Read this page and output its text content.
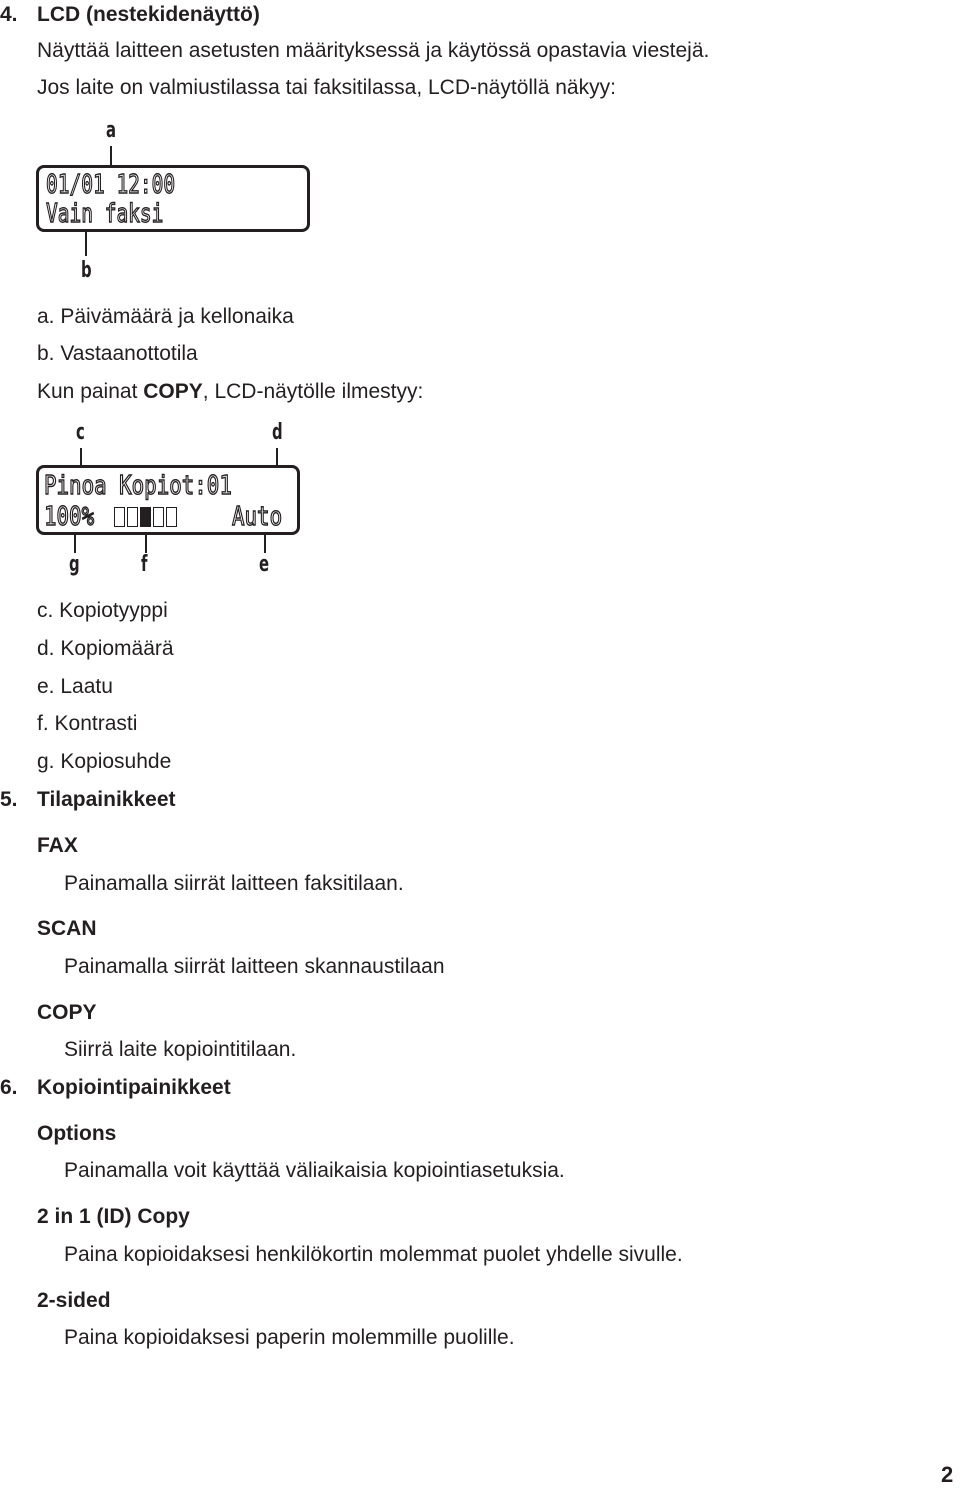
4. LCD (nestekidenäyttö)
Näyttää laitteen asetusten määrityksessä ja käytössä opastavia viestejä.
Jos laite on valmiustilassa tai faksitilassa, LCD-näytöllä näkyy:
a
01/01 12:00
Vain faksi
b
a. Päivämäärä ja kellonaika
b. Vastaanottotila
Kun painat COPY, LCD-näytölle ilmestyy:
c	d
Pinoa Kopiot:01
100%	Auto
g	f	e
c. Kopiotyyppi
d. Kopiomäärä
e. Laatu
f. Kontrasti
g. Kopiosuhde
5. Tilapainikkeet
FAX
Painamalla siirrät laitteen faksitilaan.
SCAN
Painamalla siirrät laitteen skannaustilaan
COPY
Siirrä laite kopiointitilaan.
6. Kopiointipainikkeet
Options
Painamalla voit käyttää väliaikaisia kopiointiasetuksia.
2 in 1 (ID) Copy
Paina kopioidaksesi henkilökortin molemmat puolet yhdelle sivulle.
2-sided
Paina kopioidaksesi paperin molemmille puolille.
2
